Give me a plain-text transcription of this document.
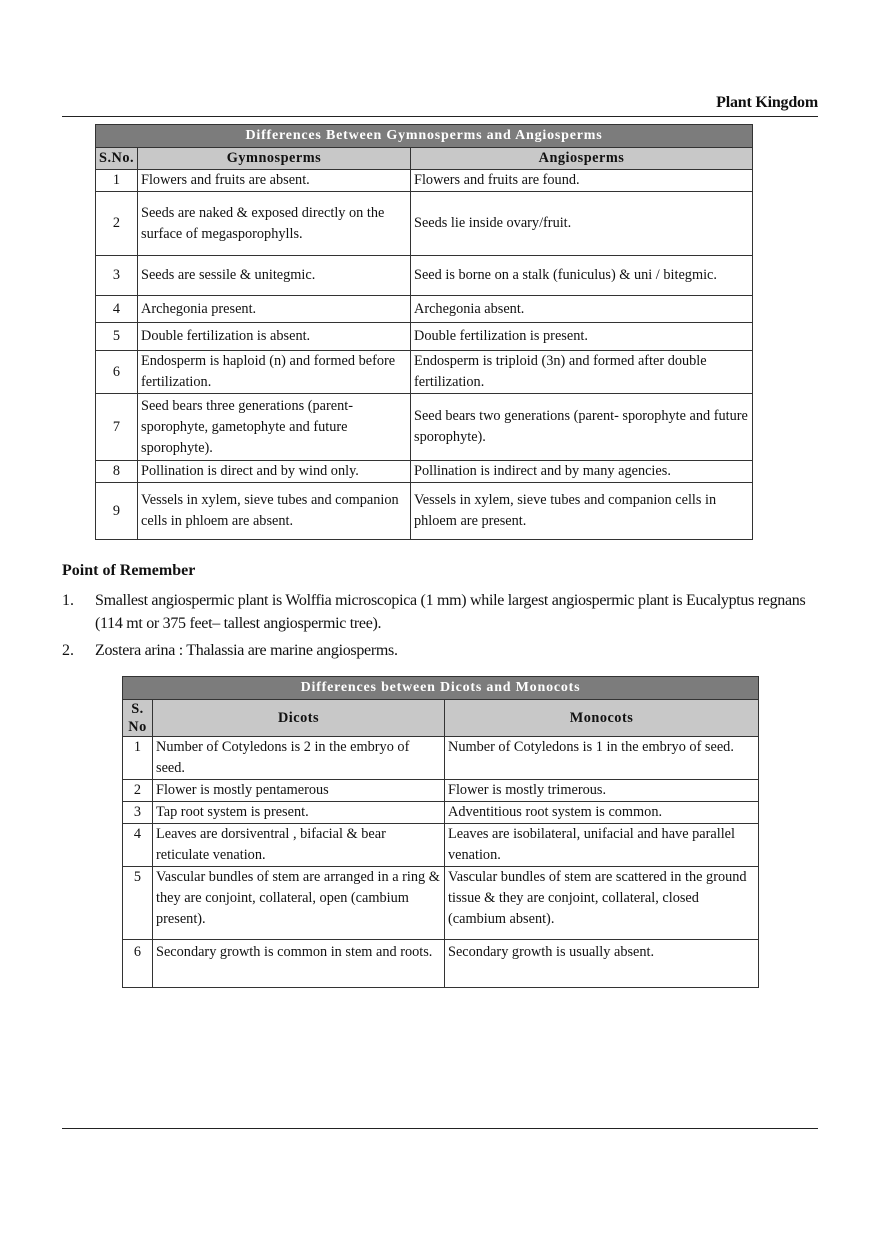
Plant Kingdom
Differences Between Gymnosperms and Angiosperms		
S.No.	Gymnosperms	Angiosperms
1	Flowers and fruits are absent.	Flowers and fruits are found.
2	Seeds are naked & exposed directly on the surface of megasporophylls.	Seeds lie inside ovary/fruit.
3	Seeds are sessile & unitegmic.	Seed is borne on a stalk (funiculus) & uni / bitegmic.
4	Archegonia present.	Archegonia absent.
5	Double fertilization is absent.	Double fertilization is present.
6	Endosperm is haploid (n) and formed before fertilization.	Endosperm is triploid (3n) and formed after double fertilization.
7	Seed bears three generations (parent-sporophyte, gametophyte and future sporophyte).	Seed bears two generations (parent- sporophyte and future sporophyte).
8	Pollination is direct and by wind only.	Pollination is indirect and by many agencies.
9	Vessels in xylem, sieve tubes and companion cells in phloem are absent.	Vessels in xylem, sieve tubes and companion cells in phloem are present.
Point of Remember
1. Smallest angiospermic plant is Wolffia microscopica (1 mm) while largest angiospermic plant is Eucalyptus regnans (114 mt or 375 feet– tallest angiospermic tree).
2. Zostera arina : Thalassia are marine angiosperms.
Differences between Dicots and Monocots		
S. No	Dicots	Monocots
1	Number of Cotyledons is 2 in the embryo of seed.	Number of Cotyledons is 1 in the embryo of seed.
2	Flower is mostly pentamerous	Flower is mostly trimerous.
3	Tap root system is present.	Adventitious root system is common.
4	Leaves are dorsiventral , bifacial & bear reticulate venation.	Leaves are isobilateral, unifacial and have parallel venation.
5	Vascular bundles of stem are arranged in a ring & they are conjoint, collateral, open (cambium present).	Vascular bundles of stem are scattered in the ground tissue & they are conjoint, collateral, closed (cambium absent).
6	Secondary growth is common in stem and roots.	Secondary growth is usually absent.
